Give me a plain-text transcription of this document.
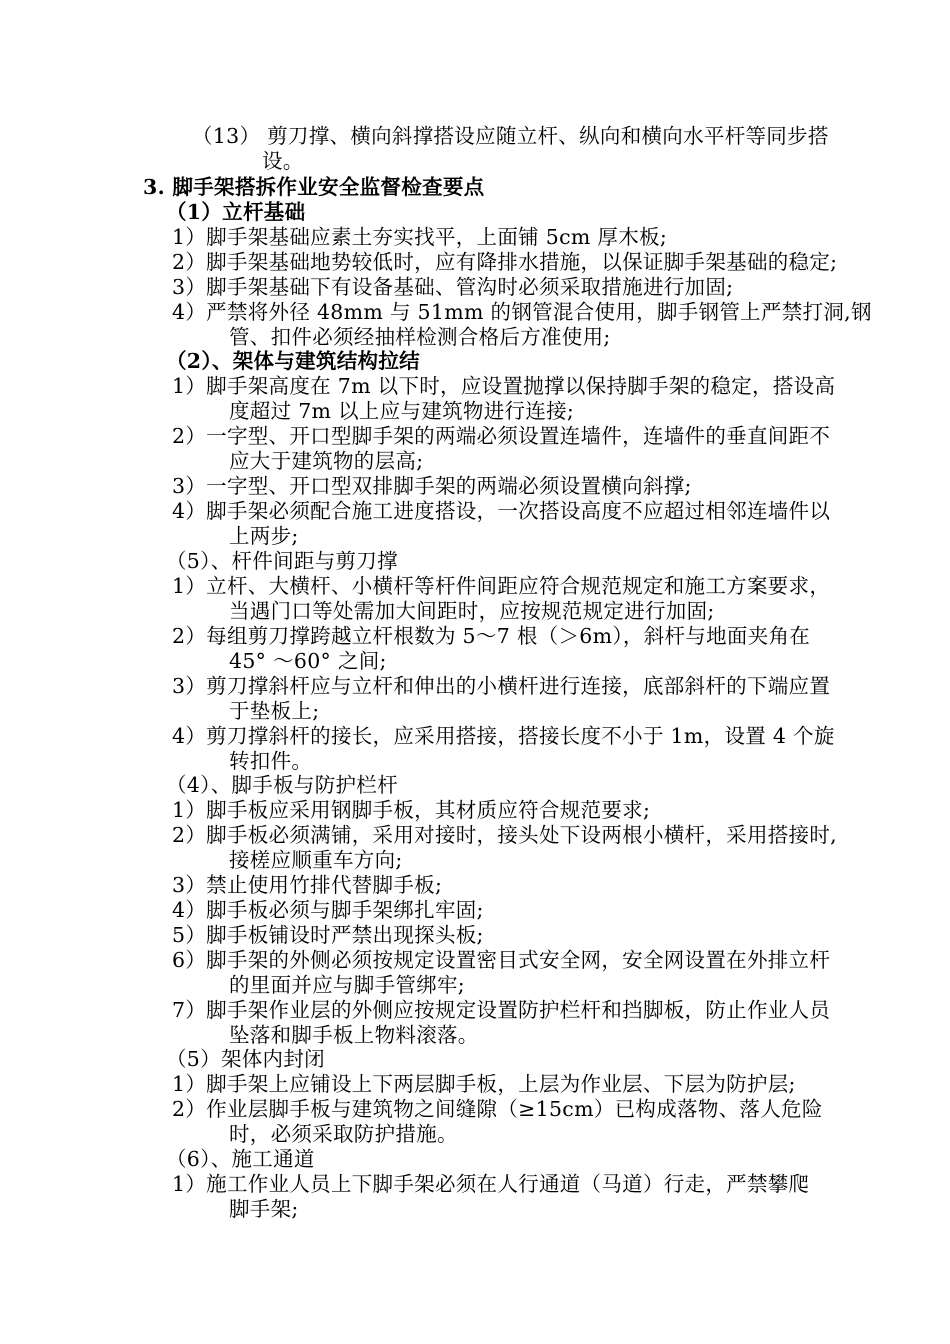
（13） 剪刀撑、横向斜撑搭设应随立杆、纵向和横向水平杆等同步搭
设。
3. 脚手架搭拆作业安全监督检查要点
（1）立杆基础
1）脚手架基础应素土夯实找平，上面铺 5cm 厚木板;
2）脚手架基础地势较低时，应有降排水措施，以保证脚手架基础的稳定;
3）脚手架基础下有设备基础、管沟时必须采取措施进行加固;
4）严禁将外径 48mm 与 51mm 的钢管混合使用，脚手钢管上严禁打洞,钢
管、扣件必须经抽样检测合格后方准使用;
（2）、架体与建筑结构拉结
1）脚手架高度在 7m 以下时，应设置抛撑以保持脚手架的稳定，搭设高
度超过 7m 以上应与建筑物进行连接;
2）一字型、开口型脚手架的两端必须设置连墙件，连墙件的垂直间距不
应大于建筑物的层高;
3）一字型、开口型双排脚手架的两端必须设置横向斜撑;
4）脚手架必须配合施工进度搭设，一次搭设高度不应超过相邻连墙件以
上两步;
（5）、杆件间距与剪刀撑
1）立杆、大横杆、小横杆等杆件间距应符合规范规定和施工方案要求，
当遇门口等处需加大间距时，应按规范规定进行加固;
2）每组剪刀撑跨越立杆根数为 5～7 根（＞6m），斜杆与地面夹角在
45° ～60° 之间;
3）剪刀撑斜杆应与立杆和伸出的小横杆进行连接，底部斜杆的下端应置
于垫板上;
4）剪刀撑斜杆的接长，应采用搭接，搭接长度不小于 1m，设置 4 个旋
转扣件。
（4）、脚手板与防护栏杆
1）脚手板应采用钢脚手板，其材质应符合规范要求;
2）脚手板必须满铺，采用对接时，接头处下设两根小横杆，采用搭接时,
接槎应顺重车方向;
3）禁止使用竹排代替脚手板;
4）脚手板必须与脚手架绑扎牢固;
5）脚手板铺设时严禁出现探头板;
6）脚手架的外侧必须按规定设置密目式安全网，安全网设置在外排立杆
的里面并应与脚手管绑牢;
7）脚手架作业层的外侧应按规定设置防护栏杆和挡脚板，防止作业人员
坠落和脚手板上物料滚落。
（5）架体内封闭
1）脚手架上应铺设上下两层脚手板，上层为作业层、下层为防护层;
2）作业层脚手板与建筑物之间缝隙（≥15cm）已构成落物、落人危险
时，必须采取防护措施。
（6）、施工通道
1）施工作业人员上下脚手架必须在人行通道（马道）行走，严禁攀爬
脚手架;
